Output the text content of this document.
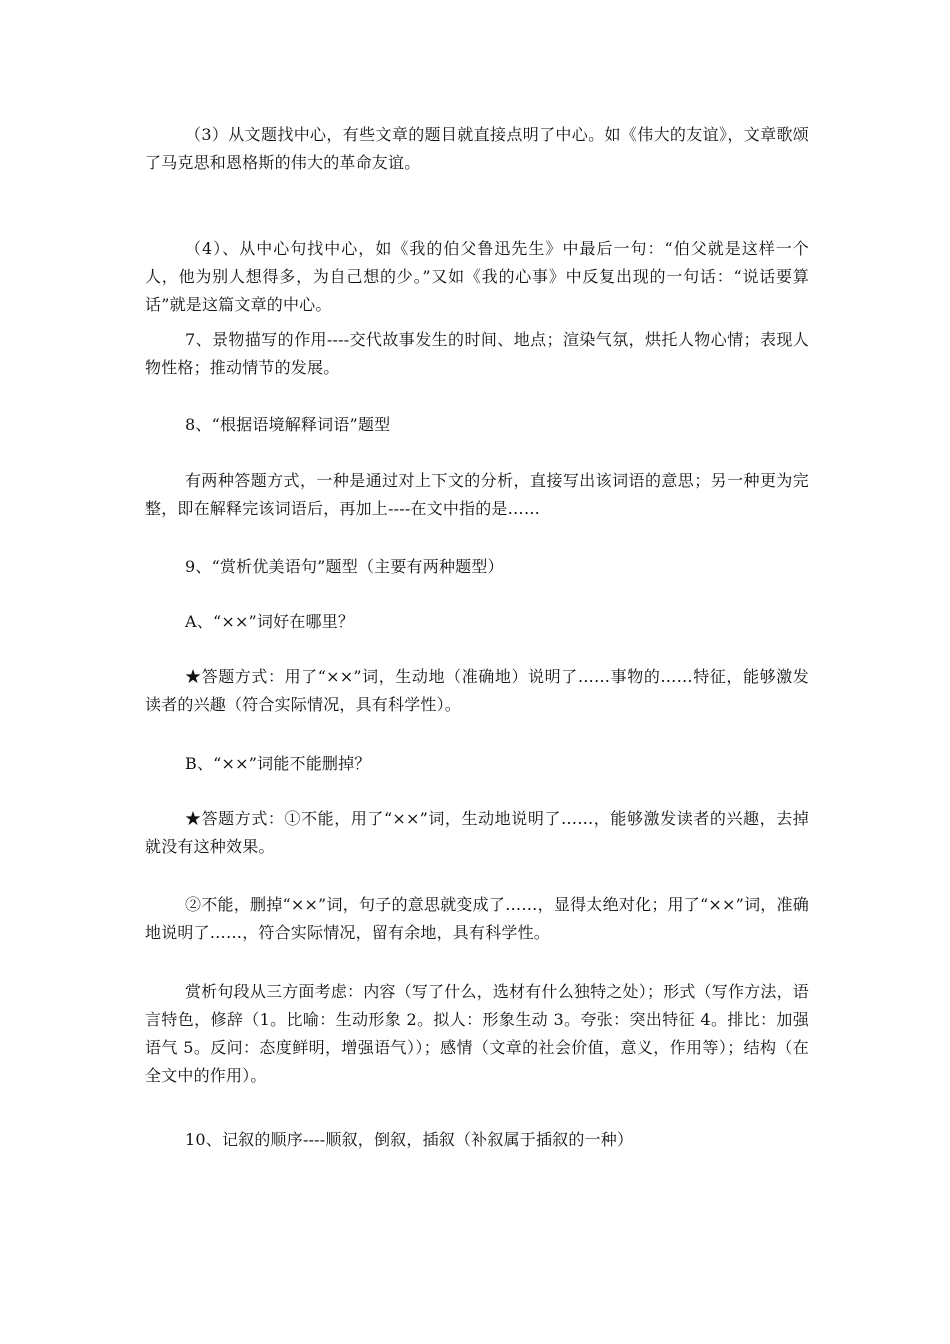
（3）从文题找中心，有些文章的题目就直接点明了中心。如《伟大的友谊》，文章歌颂了马克思和恩格斯的伟大的革命友谊。

（4）、从中心句找中心，如《我的伯父鲁迅先生》中最后一句：“伯父就是这样一个人，他为别人想得多，为自己想的少。”又如《我的心事》中反复出现的一句话：“说话要算话”就是这篇文章的中心。

7、景物描写的作用----交代故事发生的时间、地点；渲染气氛，烘托人物心情；表现人物性格；推动情节的发展。

8、“根据语境解释词语”题型

有两种答题方式，一种是通过对上下文的分析，直接写出该词语的意思；另一种更为完整，即在解释完该词语后，再加上----在文中指的是……

9、“赏析优美语句”题型（主要有两种题型）

A、“××”词好在哪里？

★答题方式：用了“××”词，生动地（准确地）说明了……事物的……特征，能够激发读者的兴趣（符合实际情况，具有科学性）。

B、“××”词能不能删掉？

★答题方式：①不能，用了“××”词，生动地说明了……，能够激发读者的兴趣，去掉就没有这种效果。

②不能，删掉“××”词，句子的意思就变成了……，显得太绝对化；用了“××”词，准确地说明了……，符合实际情况，留有余地，具有科学性。

赏析句段从三方面考虑：内容（写了什么，选材有什么独特之处）；形式（写作方法，语言特色，修辞（1。比喻：生动形象 2。拟人：形象生动 3。夸张：突出特征 4。排比：加强语气 5。反问：态度鲜明，增强语气））；感情（文章的社会价值，意义，作用等）；结构（在全文中的作用）。

10、记叙的顺序----顺叙，倒叙，插叙（补叙属于插叙的一种）
